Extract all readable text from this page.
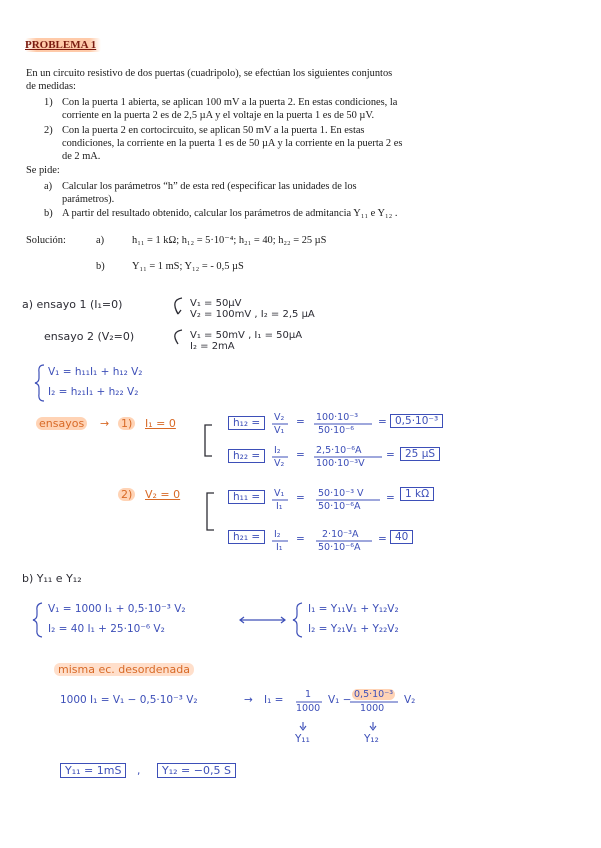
PROBLEMA 1
En un circuito resistivo de dos puertas (cuadripolo), se efectúan los siguientes conjuntos
de medidas:
1) Con la puerta 1 abierta, se aplican 100 mV a la puerta 2. En estas condiciones, la
corriente en la puerta 2 es de 2,5 µA y el voltaje en la puerta 1 es de 50 µV.
2) Con la puerta 2 en cortocircuito, se aplican 50 mV a la puerta 1. En estas
condiciones, la corriente en la puerta 1 es de 50 µA y la corriente en la puerta 2 es
de 2 mA.
Se pide:
a) Calcular los parámetros “h” de esta red (especificar las unidades de los
parámetros).
b) A partir del resultado obtenido, calcular los parámetros de admitancia Y₁₁ e Y₁₂ .
Solución:	a)	h₁₁ = 1 kΩ; h₁₂ = 5·10⁻⁴; h₂₁ = 40; h₂₂ = 25 µS
b)	Y₁₁ = 1 mS; Y₁₂ = - 0,5 µS
a) ensayo 1 (I₁=0)	V₁ = 50µV
V₂ = 100mV , I₂ = 2,5 µA
ensayo 2 (V₂=0)	V₁ = 50mV , I₁ = 50µA
I₂ = 2mA
V₁ = h₁₁I₁ + h₁₂ V₂
I₂ = h₂₁I₁ + h₂₂ V₂
ensayos → 1) I₁ = 0	h₁₂ =	V₂
V₁
= 100·10⁻³
50·10⁻⁶
= 0,5·10⁻³
h₂₂ =	I₂
V₂
= 2,5·10⁻⁶A
100·10⁻³V
= 25 µS
2) V₂ = 0	h₁₁ =	V₁
I₁
= 50·10⁻³ V
50·10⁻⁶A
= 1 kΩ
h₂₁ =	I₂
I₁
= 2·10⁻³A
50·10⁻⁶A
= 40
b) Y₁₁ e Y₁₂
V₁ = 1000 I₁ + 0,5·10⁻³ V₂
I₂ = 40 I₁ + 25·10⁻⁶ V₂
I₁ = Y₁₁V₁ + Y₁₂V₂
I₂ = Y₂₁V₁ + Y₂₂V₂
misma ec. desordenada
1000 I₁ = V₁ − 0,5·10⁻³ V₂	→ I₁ = 1
1000
V₁ − 0,5·10⁻³
1000
V₂
Y₁₁	Y₁₂
Y₁₁ = 1mS	,	Y₁₂ = −0,5 S
